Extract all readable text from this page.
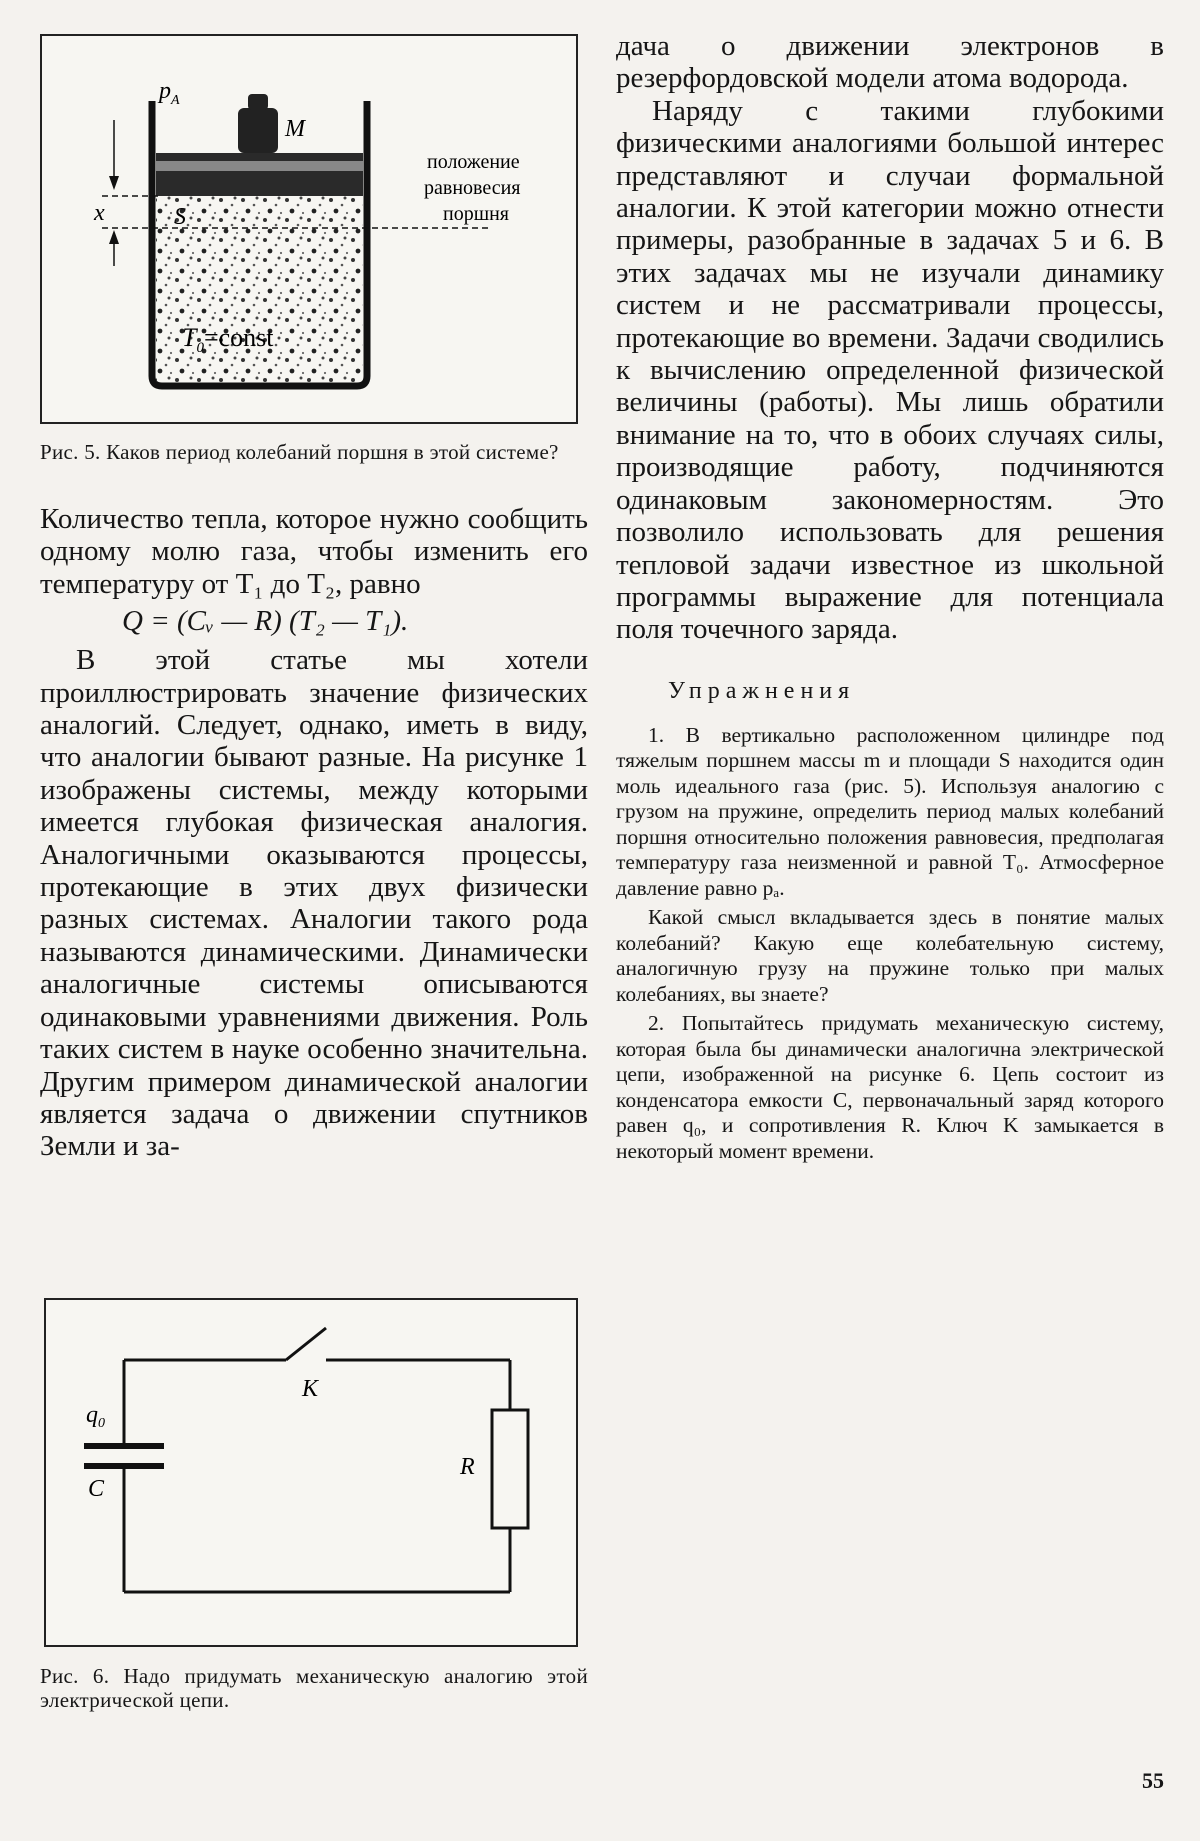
$p_A$
M
x	S
$T_0=const$
положение
равновесия
поршня

Рис. 5. Каков период колебаний поршня в этой системе?

Количество тепла, которое нужно сообщить одному молю газа, чтобы изменить его температуру от T₁ до T₂, равно

Q = (Cᵥ — R) (T₂ — T₁).

В этой статье мы хотели проиллюстрировать значение физических аналогий. Следует, однако, иметь в виду, что аналогии бывают разные. На рисунке 1 изображены системы, между которыми имеется глубокая физическая аналогия. Аналогичными оказываются процессы, протекающие в этих двух физически разных системах. Аналогии такого рода называются динамическими. Динамически аналогичные системы описываются одинаковыми уравнениями движения. Роль таких систем в науке особенно значительна. Другим примером динамической аналогии является задача о движении спутников Земли и за-

K
$q_0$
C
R

Рис. 6. Надо придумать механическую аналогию этой электрической цепи.

дача о движении электронов в резерфордовской модели атома водорода.

Наряду с такими глубокими физическими аналогиями большой интерес представляют и случаи формальной аналогии. К этой категории можно отнести примеры, разобранные в задачах 5 и 6. В этих задачах мы не изучали динамику систем и не рассматривали процессы, протекающие во времени. Задачи сводились к вычислению определенной физической величины (работы). Мы лишь обратили внимание на то, что в обоих случаях силы, производящие работу, подчиняются одинаковым закономерностям. Это позволило использовать для решения тепловой задачи известное из школьной программы выражение для потенциала поля точечного заряда.

Упражнения

1. В вертикально расположенном цилиндре под тяжелым поршнем массы m и площади S находится один моль идеального газа (рис. 5). Используя аналогию с грузом на пружине, определить период малых колебаний поршня относительно положения равновесия, предполагая температуру газа неизменной и равной T₀. Атмосферное давление равно pₐ.

Какой смысл вкладывается здесь в понятие малых колебаний? Какую еще колебательную систему, аналогичную грузу на пружине только при малых колебаниях, вы знаете?

2. Попытайтесь придумать механическую систему, которая была бы динамически аналогична электрической цепи, изображенной на рисунке 6. Цепь состоит из конденсатора емкости C, первоначальный заряд которого равен q₀, и сопротивления R. Ключ K замыкается в некоторый момент времени.

55
